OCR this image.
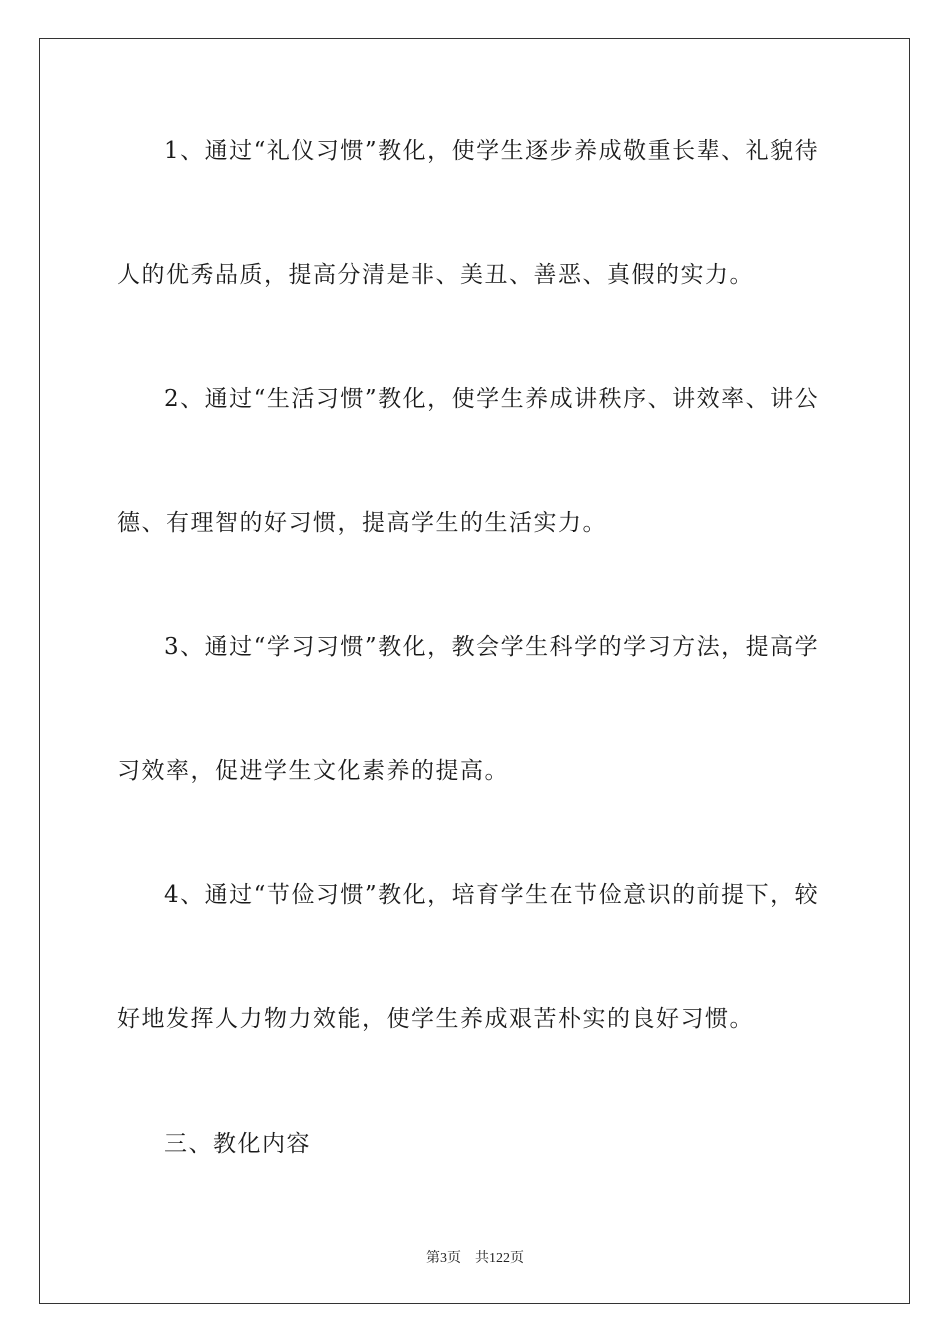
1、通过“礼仪习惯”教化，使学生逐步养成敬重长辈、礼貌待
人的优秀品质，提高分清是非、美丑、善恶、真假的实力。
2、通过“生活习惯”教化，使学生养成讲秩序、讲效率、讲公
德、有理智的好习惯，提高学生的生活实力。
3、通过“学习习惯”教化，教会学生科学的学习方法，提高学
习效率，促进学生文化素养的提高。
4、通过“节俭习惯”教化，培育学生在节俭意识的前提下，较
好地发挥人力物力效能，使学生养成艰苦朴实的良好习惯。
三、教化内容
第3页 共122页
